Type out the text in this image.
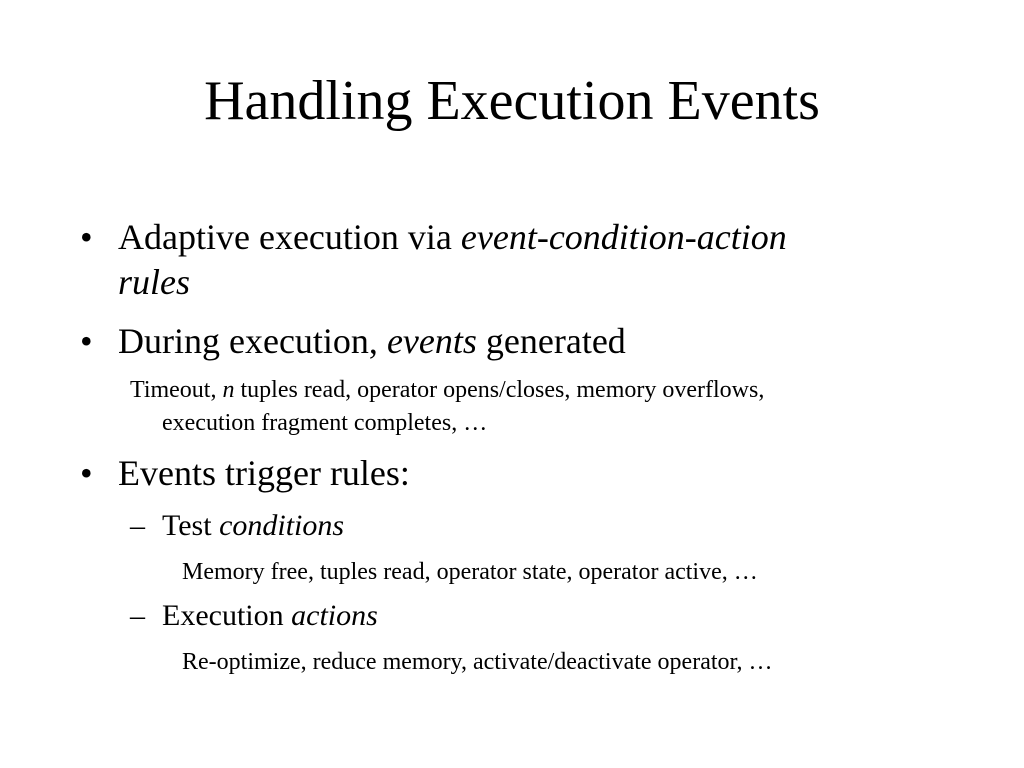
Handling Execution Events
• Adaptive execution via event-condition-action
rules
• During execution, events generated
Timeout, n tuples read, operator opens/closes, memory overflows,
execution fragment completes, …
• Events trigger rules:
– Test conditions
Memory free, tuples read, operator state, operator active, …
– Execution actions
Re-optimize, reduce memory, activate/deactivate operator, …
